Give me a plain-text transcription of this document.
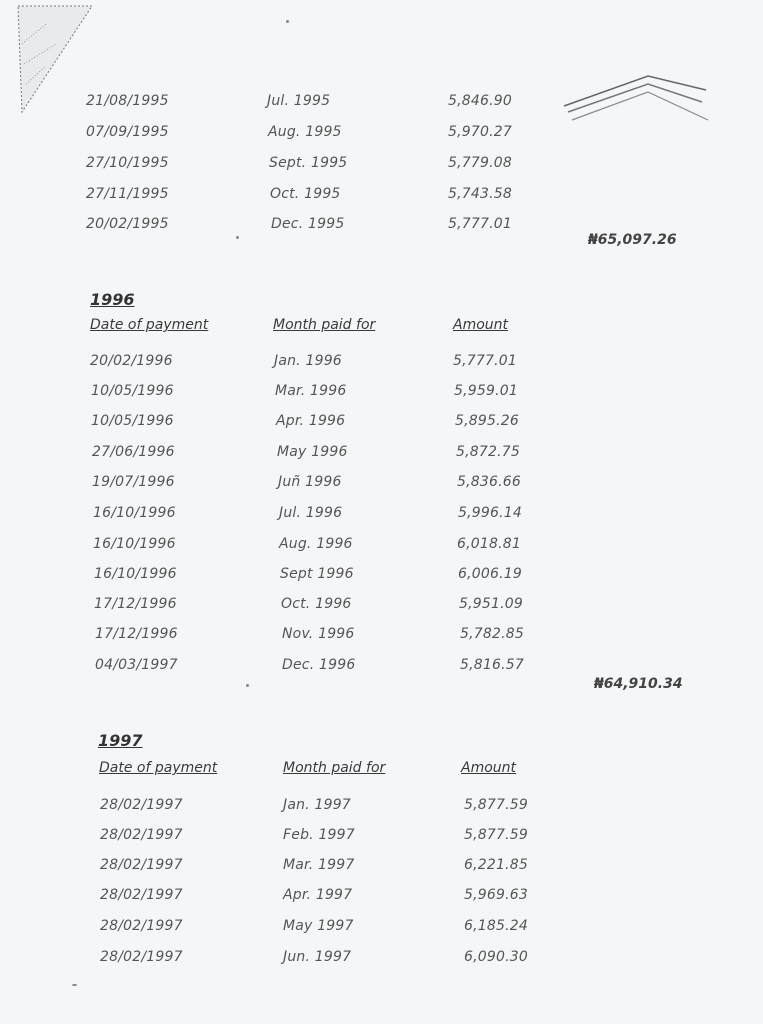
21/08/1995	Jul. 1995	5,846.90
07/09/1995	Aug. 1995	5,970.27
27/10/1995	Sept. 1995	5,779.08
27/11/1995	Oct. 1995	5,743.58
20/02/1995	Dec. 1995	5,777.01
₦65,097.26
1996
Date of payment	Month paid for	Amount
20/02/1996	Jan. 1996	5,777.01
10/05/1996	Mar. 1996	5,959.01
10/05/1996	Apr. 1996	5,895.26
27/06/1996	May 1996	5,872.75
19/07/1996	Juñ 1996	5,836.66
16/10/1996	Jul. 1996	5,996.14
16/10/1996	Aug. 1996	6,018.81
16/10/1996	Sept 1996	6,006.19
17/12/1996	Oct. 1996	5,951.09
17/12/1996	Nov. 1996	5,782.85
04/03/1997	Dec. 1996	5,816.57
₦64,910.34
1997
Date of payment	Month paid for	Amount
28/02/1997	Jan. 1997	5,877.59
28/02/1997	Feb. 1997	5,877.59
28/02/1997	Mar. 1997	6,221.85
28/02/1997	Apr. 1997	5,969.63
28/02/1997	May 1997	6,185.24
28/02/1997	Jun. 1997	6,090.30
